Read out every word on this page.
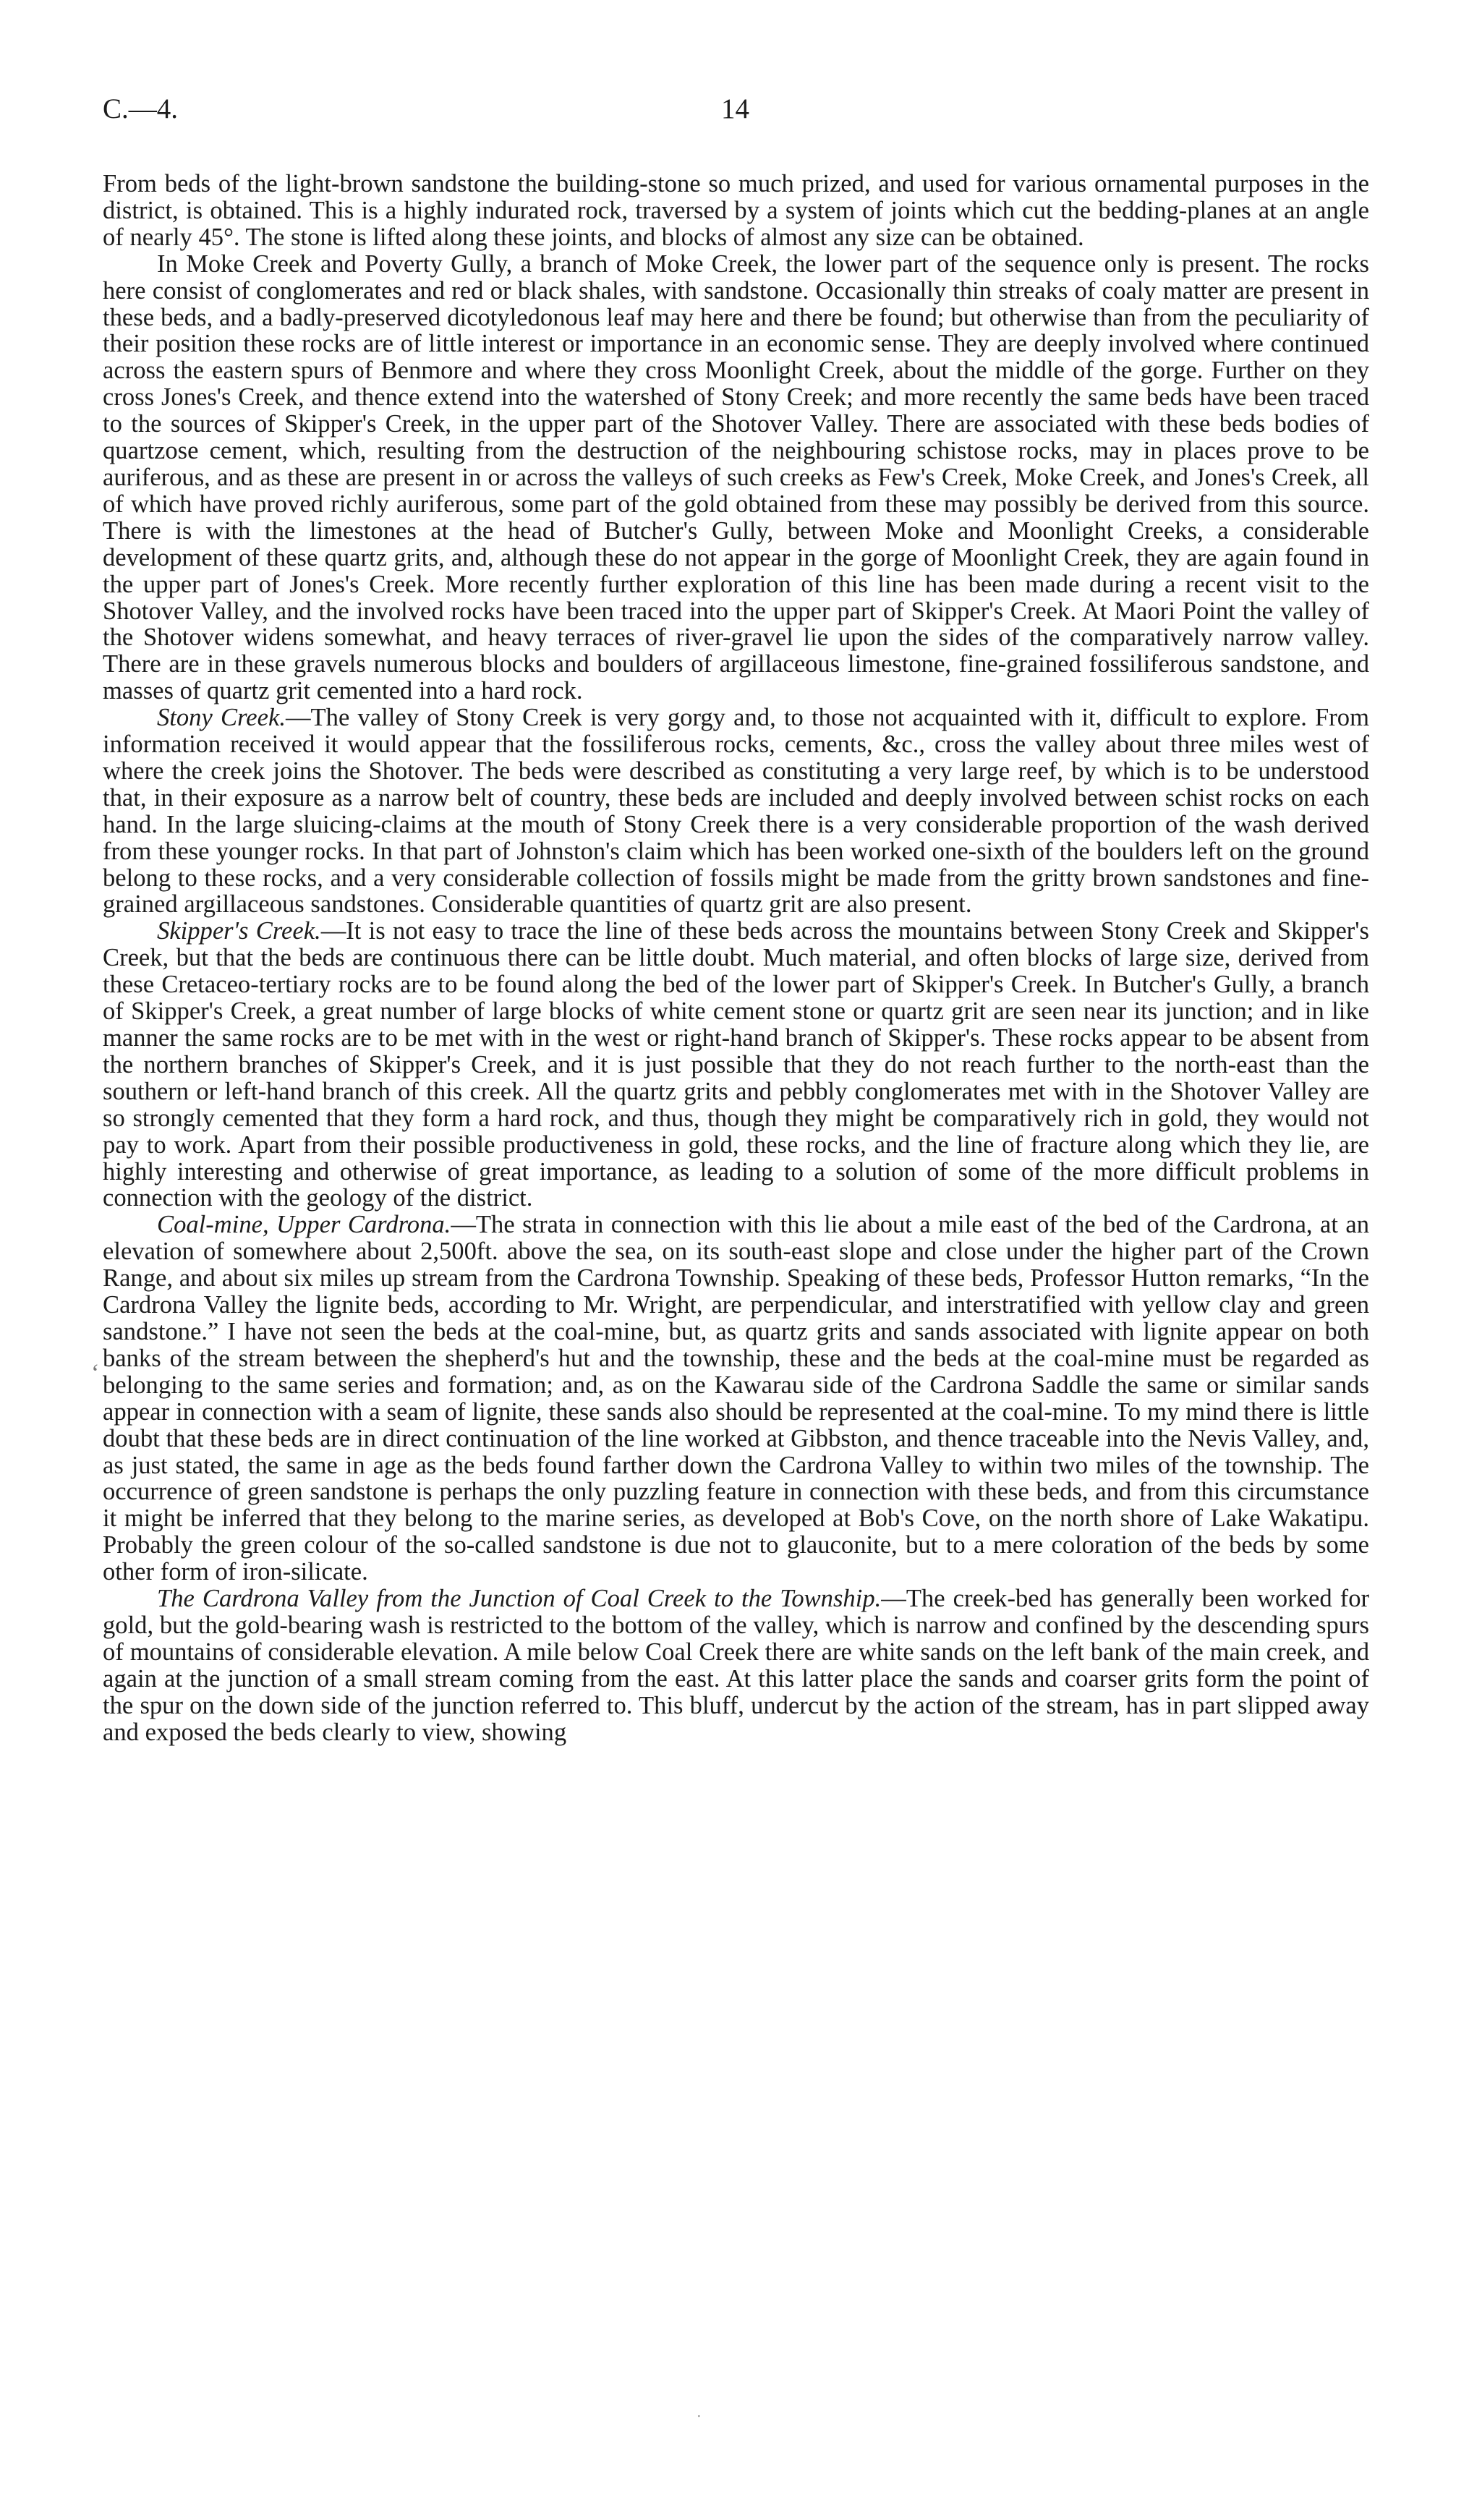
C.—4.	14

From beds of the light-brown sandstone the building-stone so much prized, and used for various ornamental purposes in the district, is obtained. This is a highly indurated rock, traversed by a system of joints which cut the bedding-planes at an angle of nearly 45°. The stone is lifted along these joints, and blocks of almost any size can be obtained.

In Moke Creek and Poverty Gully, a branch of Moke Creek, the lower part of the sequence only is present. The rocks here consist of conglomerates and red or black shales, with sandstone. Occasionally thin streaks of coaly matter are present in these beds, and a badly-preserved dicotyledonous leaf may here and there be found; but otherwise than from the peculiarity of their position these rocks are of little interest or importance in an economic sense. They are deeply involved where continued across the eastern spurs of Benmore and where they cross Moonlight Creek, about the middle of the gorge. Further on they cross Jones's Creek, and thence extend into the watershed of Stony Creek; and more recently the same beds have been traced to the sources of Skipper's Creek, in the upper part of the Shotover Valley. There are associated with these beds bodies of quartzose cement, which, resulting from the destruction of the neighbouring schistose rocks, may in places prove to be auriferous, and as these are present in or across the valleys of such creeks as Few's Creek, Moke Creek, and Jones's Creek, all of which have proved richly auriferous, some part of the gold obtained from these may possibly be derived from this source. There is with the limestones at the head of Butcher's Gully, between Moke and Moonlight Creeks, a considerable development of these quartz grits, and, although these do not appear in the gorge of Moonlight Creek, they are again found in the upper part of Jones's Creek. More recently further exploration of this line has been made during a recent visit to the Shotover Valley, and the involved rocks have been traced into the upper part of Skipper's Creek. At Maori Point the valley of the Shotover widens somewhat, and heavy terraces of river-gravel lie upon the sides of the comparatively narrow valley. There are in these gravels numerous blocks and boulders of argillaceous limestone, fine-grained fossiliferous sandstone, and masses of quartz grit cemented into a hard rock.

Stony Creek.—The valley of Stony Creek is very gorgy and, to those not acquainted with it, difficult to explore. From information received it would appear that the fossiliferous rocks, cements, &c., cross the valley about three miles west of where the creek joins the Shotover. The beds were described as constituting a very large reef, by which is to be understood that, in their exposure as a narrow belt of country, these beds are included and deeply involved between schist rocks on each hand. In the large sluicing-claims at the mouth of Stony Creek there is a very considerable proportion of the wash derived from these younger rocks. In that part of Johnston's claim which has been worked one-sixth of the boulders left on the ground belong to these rocks, and a very considerable collection of fossils might be made from the gritty brown sandstones and fine-grained argillaceous sandstones. Considerable quantities of quartz grit are also present.

Skipper's Creek.—It is not easy to trace the line of these beds across the mountains between Stony Creek and Skipper's Creek, but that the beds are continuous there can be little doubt. Much material, and often blocks of large size, derived from these Cretaceo-tertiary rocks are to be found along the bed of the lower part of Skipper's Creek. In Butcher's Gully, a branch of Skipper's Creek, a great number of large blocks of white cement stone or quartz grit are seen near its junction; and in like manner the same rocks are to be met with in the west or right-hand branch of Skipper's. These rocks appear to be absent from the northern branches of Skipper's Creek, and it is just possible that they do not reach further to the north-east than the southern or left-hand branch of this creek. All the quartz grits and pebbly conglomerates met with in the Shotover Valley are so strongly cemented that they form a hard rock, and thus, though they might be comparatively rich in gold, they would not pay to work. Apart from their possible productiveness in gold, these rocks, and the line of fracture along which they lie, are highly interesting and otherwise of great importance, as leading to a solution of some of the more difficult problems in connection with the geology of the district.

Coal-mine, Upper Cardrona.—The strata in connection with this lie about a mile east of the bed of the Cardrona, at an elevation of somewhere about 2,500ft. above the sea, on its south-east slope and close under the higher part of the Crown Range, and about six miles up stream from the Cardrona Township. Speaking of these beds, Professor Hutton remarks, “In the Cardrona Valley the lignite beds, according to Mr. Wright, are perpendicular, and interstratified with yellow clay and green sandstone.” I have not seen the beds at the coal-mine, but, as quartz grits and sands associated with lignite appear on both banks of the stream between the shepherd's hut and the township, these and the beds at the coal-mine must be regarded as belonging to the same series and formation; and, as on the Kawarau side of the Cardrona Saddle the same or similar sands appear in connection with a seam of lignite, these sands also should be represented at the coal-mine. To my mind there is little doubt that these beds are in direct continuation of the line worked at Gibbston, and thence traceable into the Nevis Valley, and, as just stated, the same in age as the beds found farther down the Cardrona Valley to within two miles of the township. The occurrence of green sandstone is perhaps the only puzzling feature in connection with these beds, and from this circumstance it might be inferred that they belong to the marine series, as developed at Bob's Cove, on the north shore of Lake Wakatipu. Probably the green colour of the so-called sandstone is due not to glauconite, but to a mere coloration of the beds by some other form of iron-silicate.

The Cardrona Valley from the Junction of Coal Creek to the Township.—The creek-bed has generally been worked for gold, but the gold-bearing wash is restricted to the bottom of the valley, which is narrow and confined by the descending spurs of mountains of considerable elevation. A mile below Coal Creek there are white sands on the left bank of the main creek, and again at the junction of a small stream coming from the east. At this latter place the sands and coarser grits form the point of the spur on the down side of the junction referred to. This bluff, undercut by the action of the stream, has in part slipped away and exposed the beds clearly to view, showing

‘
·
